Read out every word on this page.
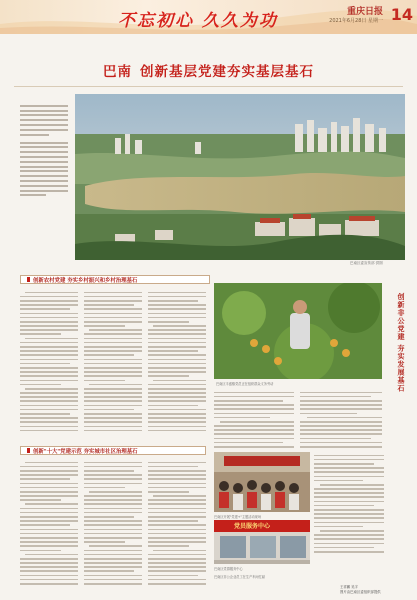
不忘初心 久久为功	重庆日报
2021年6月28日 星期一 14
巴南 创新基层党建夯实基层基石
巴南区委宣传部 供图
创新农村党建 夯实乡村振兴和乡村治理基石
巴南区丰盛镇党员正在组织群众义务劳动	创新非公党建 夯实发展基石
创新"十大"党建示范 夯实城市社区治理基石
巴南区开展"党建+"主题活动现场
党员服务中心
巴南区党群服务中心
巴南区非公企业员工在生产车间忙碌
王祥鹏 吴宇
图片由巴南区委组织部提供
